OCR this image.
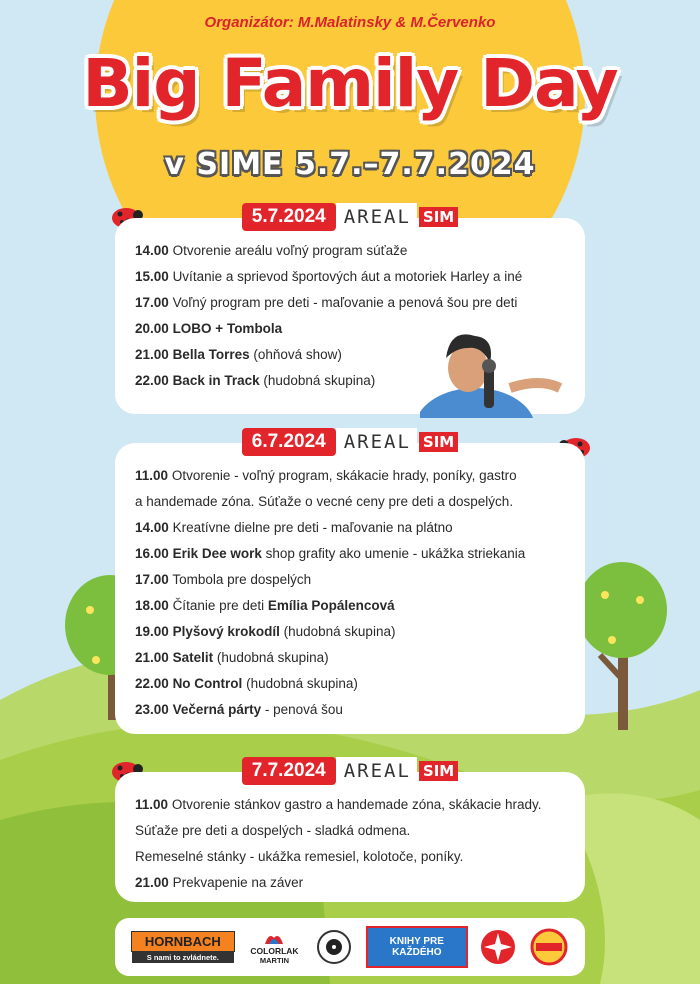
Organizátor: M.Malatinsky & M.Červenko
Big Family Day
v SIME 5.7.–7.7.2024
14.00 Otvorenie areálu voľný program súťaže
15.00 Uvítanie a sprievod športových áut a motoriek Harley a iné
17.00 Voľný program pre deti - maľovanie a penová šou pre deti
20.00 LOBO + Tombola
21.00 Bella Torres (ohňová show)
22.00 Back in Track (hudobná skupina)
5.7.2024 AREAL SIM
11.00 Otvorenie - voľný program, skákacie hrady, poníky, gastro
a handemade zóna. Súťaže o vecné ceny pre deti a dospelých.
14.00 Kreatívne dielne pre deti - maľovanie na plátno
16.00 Erik Dee work shop grafity ako umenie - ukážka striekania
17.00 Tombola pre dospelých
18.00 Čítanie pre deti Emília Popálencová
19.00 Plyšový krokodíl (hudobná skupina)
21.00 Satelit (hudobná skupina)
22.00 No Control (hudobná skupina)
23.00 Večerná párty - penová šou
6.7.2024 AREAL SIM
11.00 Otvorenie stánkov gastro a handemade zóna, skákacie hrady.
Súťaže pre deti a dospelých - sladká odmena.
Remeselné stánky - ukážka remesiel, kolotoče, poníky.
21.00 Prekvapenie na záver
7.7.2024 AREAL SIM
HORNBACH
S nami to zvládnete.
COLORLAK
MARTIN
KNIHY PRE KAŽDÉHO
